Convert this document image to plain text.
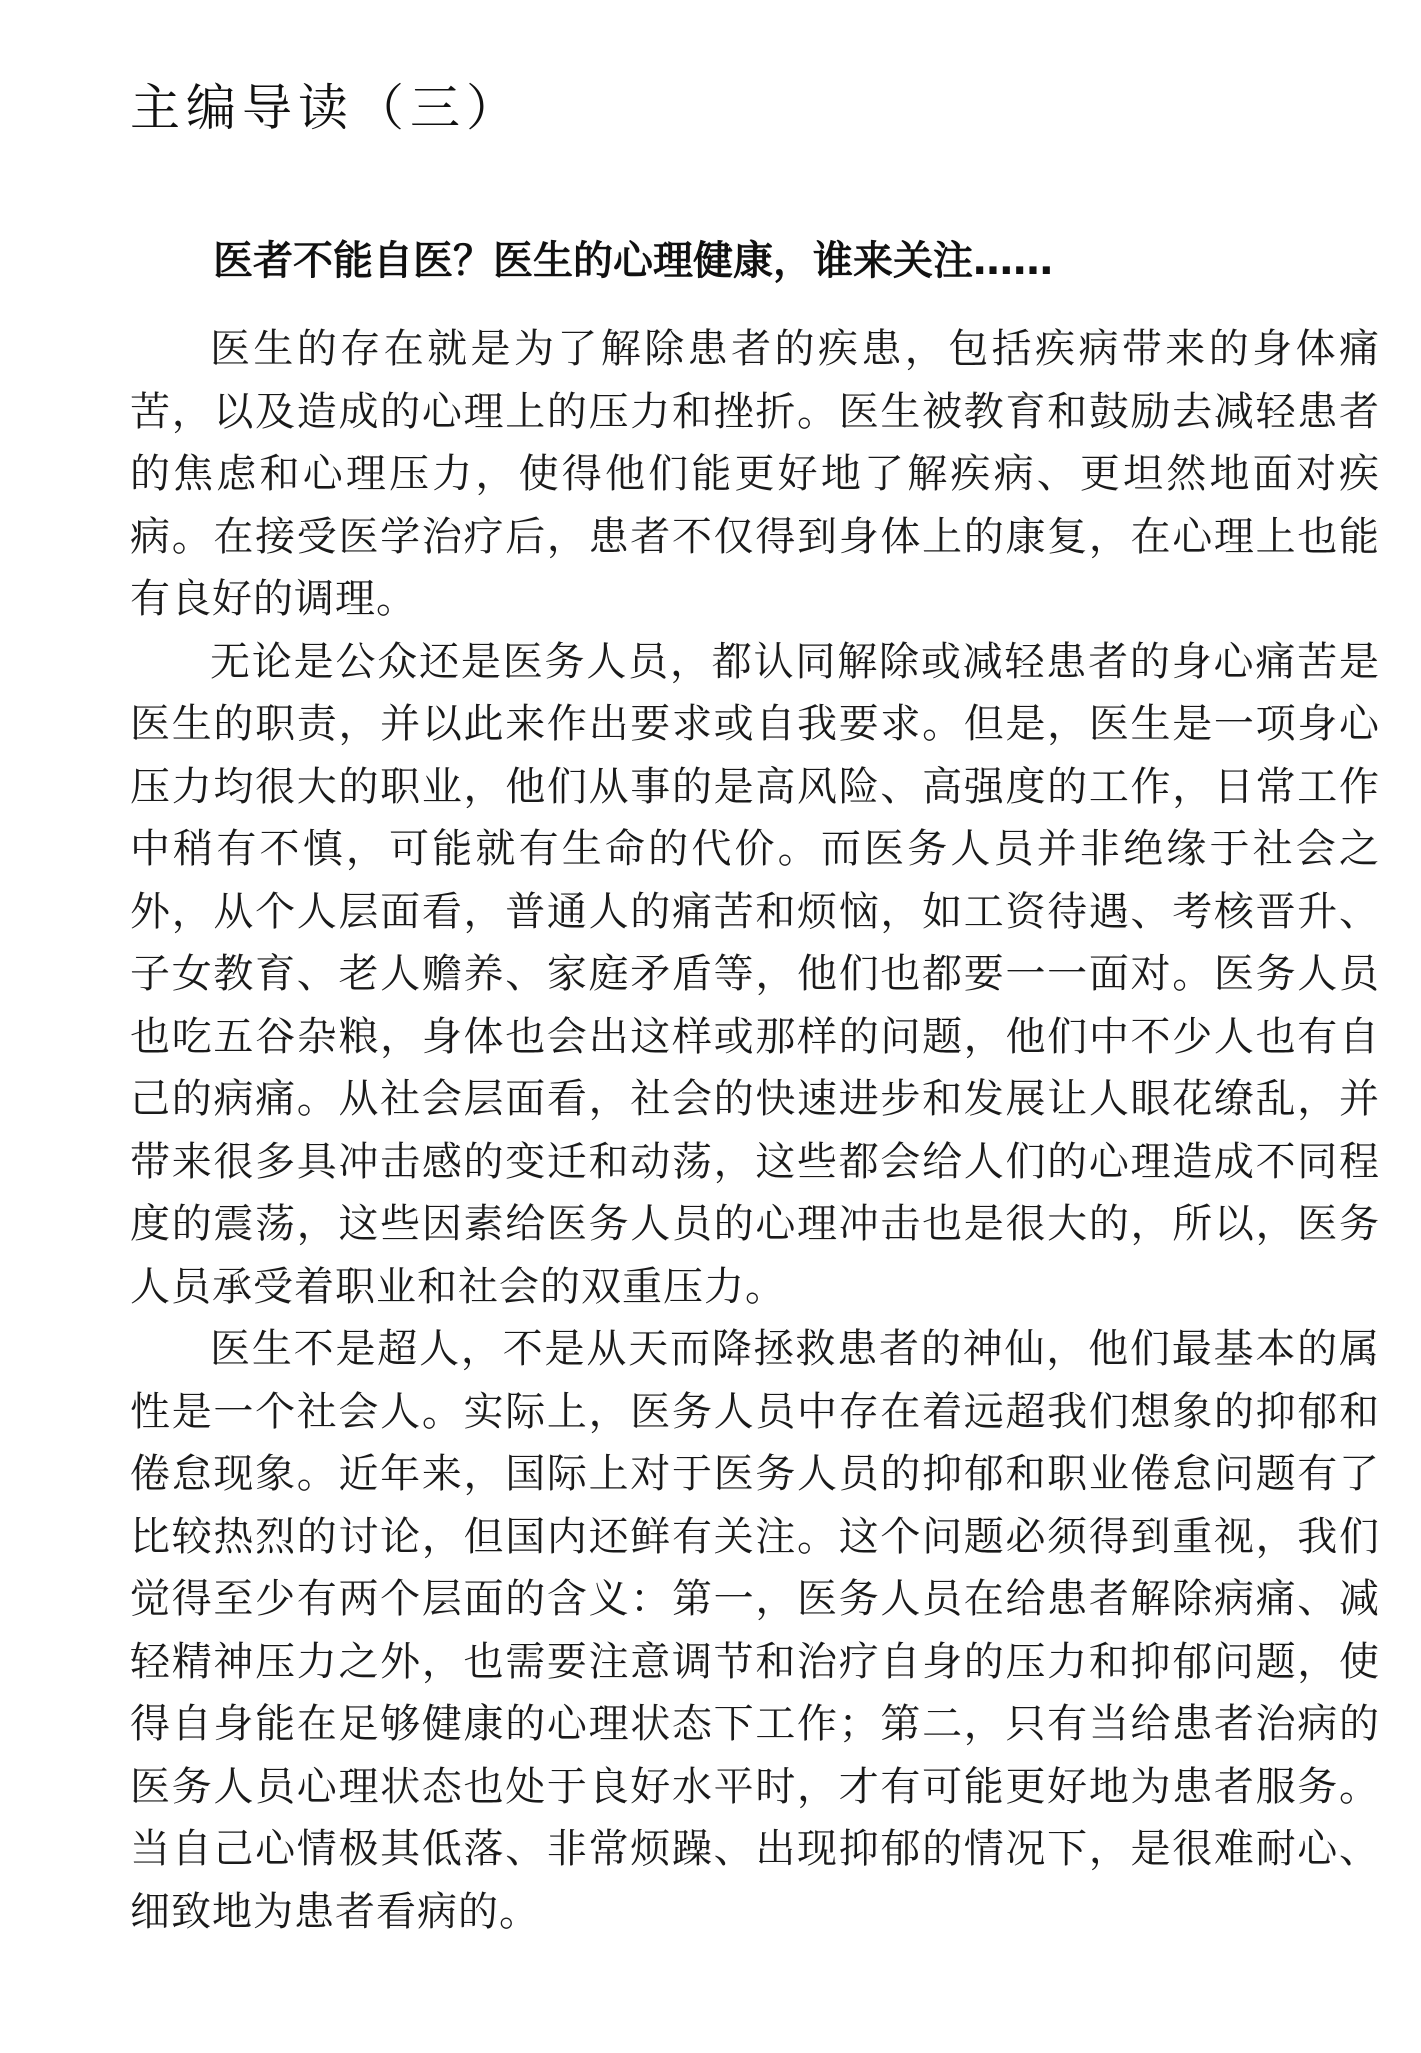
主编导读（三）
医者不能自医？医生的心理健康，谁来关注……

医生的存在就是为了解除患者的疾患，包括疾病带来的身体痛苦，以及造成的心理上的压力和挫折。医生被教育和鼓励去减轻患者的焦虑和心理压力，使得他们能更好地了解疾病、更坦然地面对疾病。在接受医学治疗后，患者不仅得到身体上的康复，在心理上也能有良好的调理。

无论是公众还是医务人员，都认同解除或减轻患者的身心痛苦是医生的职责，并以此来作出要求或自我要求。但是，医生是一项身心压力均很大的职业，他们从事的是高风险、高强度的工作，日常工作中稍有不慎，可能就有生命的代价。而医务人员并非绝缘于社会之外，从个人层面看，普通人的痛苦和烦恼，如工资待遇、考核晋升、子女教育、老人赡养、家庭矛盾等，他们也都要一一面对。医务人员也吃五谷杂粮，身体也会出这样或那样的问题，他们中不少人也有自己的病痛。从社会层面看，社会的快速进步和发展让人眼花缭乱，并带来很多具冲击感的变迁和动荡，这些都会给人们的心理造成不同程度的震荡，这些因素给医务人员的心理冲击也是很大的，所以，医务人员承受着职业和社会的双重压力。

医生不是超人，不是从天而降拯救患者的神仙，他们最基本的属性是一个社会人。实际上，医务人员中存在着远超我们想象的抑郁和倦怠现象。近年来，国际上对于医务人员的抑郁和职业倦怠问题有了比较热烈的讨论，但国内还鲜有关注。这个问题必须得到重视，我们觉得至少有两个层面的含义：第一，医务人员在给患者解除病痛、减轻精神压力之外，也需要注意调节和治疗自身的压力和抑郁问题，使得自身能在足够健康的心理状态下工作；第二，只有当给患者治病的医务人员心理状态也处于良好水平时，才有可能更好地为患者服务。当自己心情极其低落、非常烦躁、出现抑郁的情况下，是很难耐心、细致地为患者看病的。
